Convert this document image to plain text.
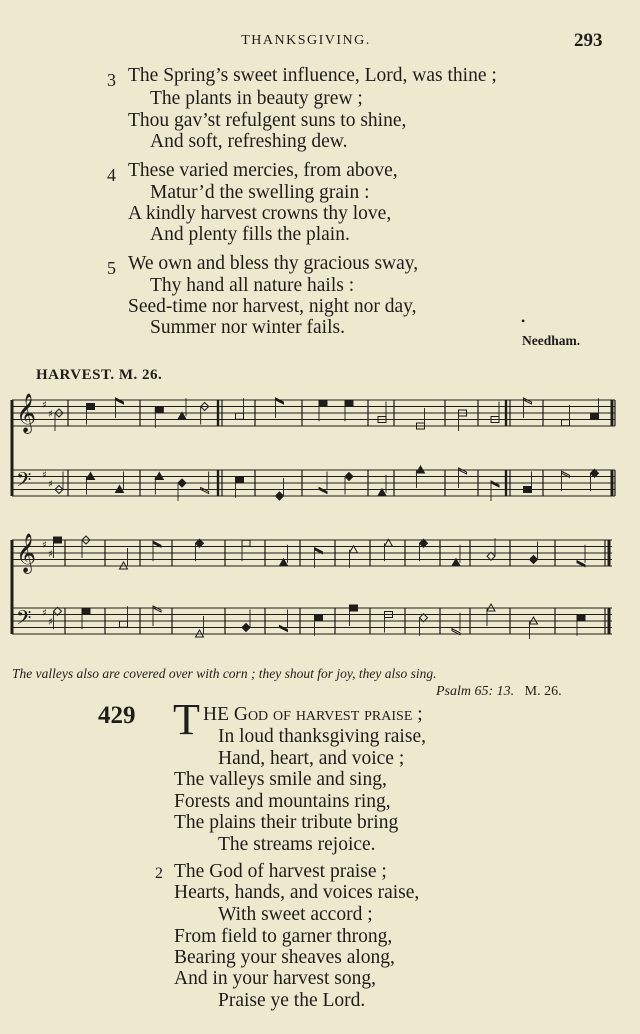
THANKSGIVING.	293
3 The Spring’s sweet influence, Lord, was thine ;
The plants in beauty grew ;
Thou gav’st refulgent suns to shine,
And soft, refreshing dew.
4 These varied mercies, from above,
Matur’d the swelling grain :
A kindly harvest crowns thy love,
And plenty fills the plain.
5 We own and bless thy gracious sway,
Thy hand all nature hails :
Seed-time nor harvest, night nor day,
Summer nor winter fails.	•
Needham.
HARVEST. M. 26.
𝄞 ♯
♯
𝄢 ♯
♯
𝄞 ♯
♯
𝄢 ♯
♯
The valleys also are covered over with corn ; they shout for joy, they also sing.
Psalm 65: 13. M. 26.
429 T HE God of harvest praise ;
In loud thanksgiving raise,
Hand, heart, and voice ;
The valleys smile and sing,
Forests and mountains ring,
The plains their tribute bring
The streams rejoice.
2 The God of harvest praise ;
Hearts, hands, and voices raise,
With sweet accord ;
From field to garner throng,
Bearing your sheaves along,
And in your harvest song,
Praise ye the Lord.
